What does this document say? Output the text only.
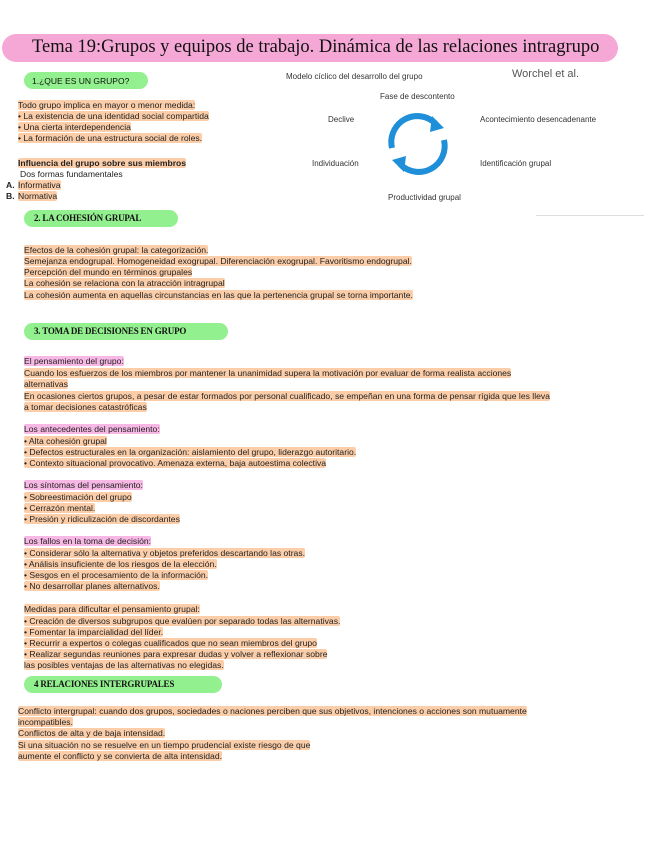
Tema 19:Grupos y equipos de trabajo. Dinámica de las relaciones intragrupo
1.¿QUE ES UN GRUPO?
Todo grupo implica en mayor o menor medida:
• La existencia de una identidad social compartida
• Una cierta interdependencia
• La formación de una estructura social de roles.
Influencia del grupo sobre sus miembros
Dos formas fundamentales
A. Informativa
B. Normativa
Modelo cíclico del desarrollo del grupo	Worchel et al.
Fase de descontento
Declive	Acontecimiento desencadenante
Individuación	Identificación grupal
Productividad grupal
2. LA COHESIÓN GRUPAL
Efectos de la cohesión grupal: la categorización.
Semejanza endogrupal. Homogeneidad exogrupal. Diferenciación exogrupal. Favoritismo endogrupal.
Percepción del mundo en términos grupales
La cohesión se relaciona con la atracción intragrupal
La cohesión aumenta en aquellas circunstancias en las que la pertenencia grupal se torna importante.
3. TOMA DE DECISIONES EN GRUPO
El pensamiento del grupo:
Cuando los esfuerzos de los miembros por mantener la unanimidad supera la motivación por evaluar de forma realista acciones
alternativas
En ocasiones ciertos grupos, a pesar de estar formados por personal cualificado, se empeñan en una forma de pensar rígida que les lleva
a tomar decisiones catastróficas
Los antecedentes del pensamiento:
• Alta cohesión grupal
• Defectos estructurales en la organización: aislamiento del grupo, liderazgo autoritario.
• Contexto situacional provocativo. Amenaza externa, baja autoestima colectiva
Los síntomas del pensamiento:
• Sobreestimación del grupo
• Cerrazón mental.
• Presión y ridiculización de discordantes
Los fallos en la toma de decisión:
• Considerar sólo la alternativa y objetos preferidos descartando las otras.
• Análisis insuficiente de los riesgos de la elección.
• Sesgos en el procesamiento de la información.
• No desarrollar planes alternativos.
Medidas para dificultar el pensamiento grupal:
• Creación de diversos subgrupos que evalúen por separado todas las alternativas.
• Fomentar la imparcialidad del líder.
• Recurrir a expertos o colegas cualificados que no sean miembros del grupo
• Realizar segundas reuniones para expresar dudas y volver a reflexionar sobre
las posibles ventajas de las alternativas no elegidas.
4 RELACIONES INTERGRUPALES
Conflicto intergrupal: cuando dos grupos, sociedades o naciones perciben que sus objetivos, intenciones o acciones son mutuamente
incompatibles.
Conflictos de alta y de baja intensidad.
Si una situación no se resuelve en un tiempo prudencial existe riesgo de que
aumente el conflicto y se convierta de alta intensidad.
